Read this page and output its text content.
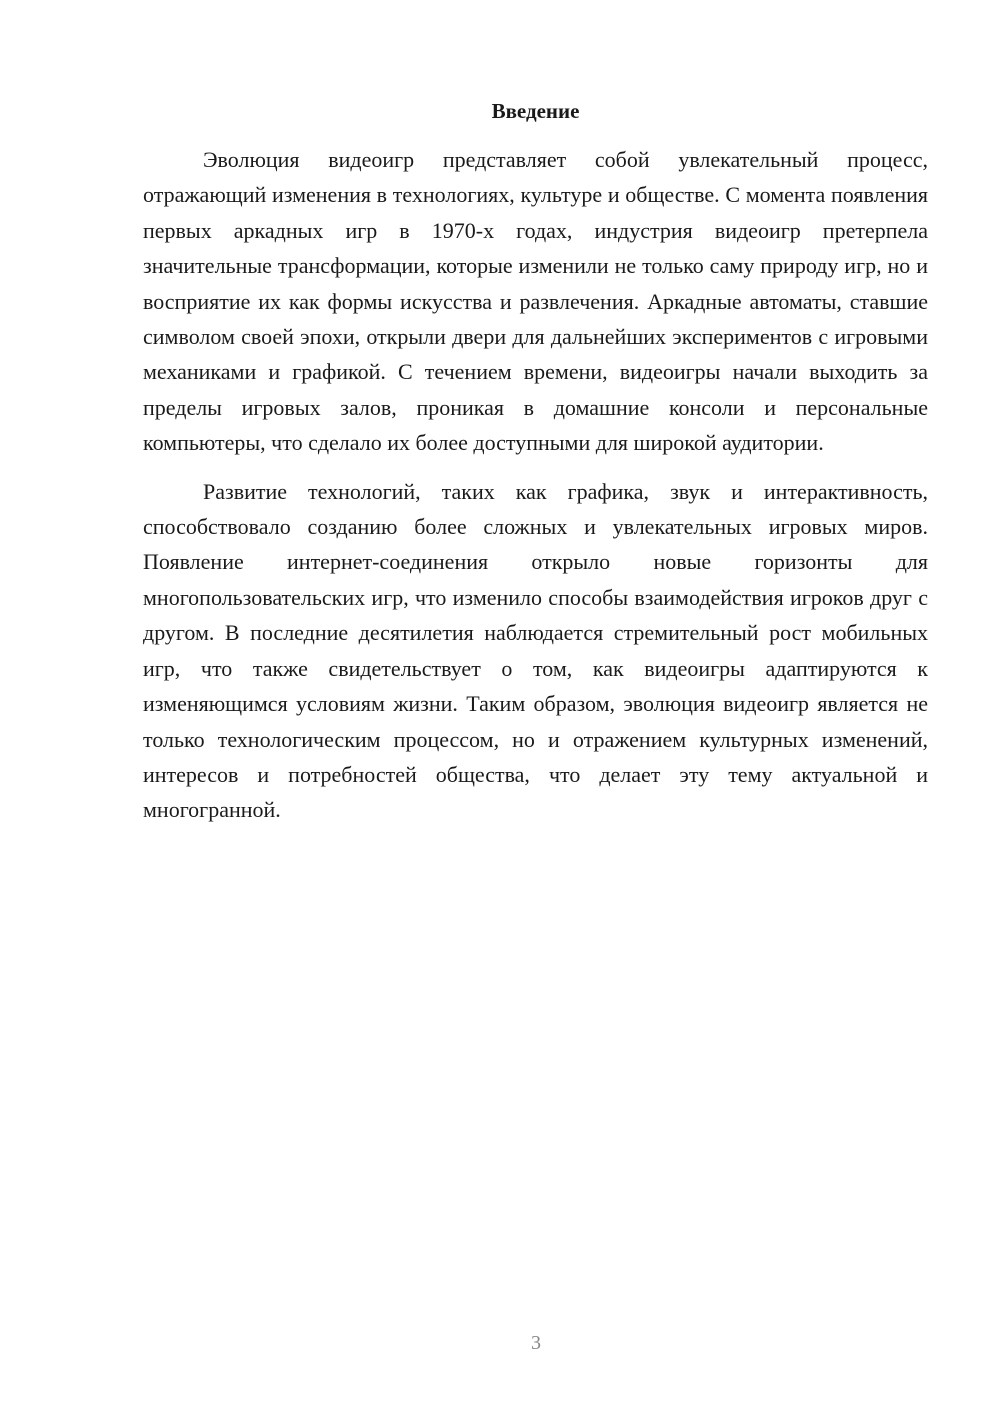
Введение

Эволюция видеоигр представляет собой увлекательный процесс, отражающий изменения в технологиях, культуре и обществе. С момента появления первых аркадных игр в 1970-х годах, индустрия видеоигр претерпела значительные трансформации, которые изменили не только саму природу игр, но и восприятие их как формы искусства и развлечения. Аркадные автоматы, ставшие символом своей эпохи, открыли двери для дальнейших экспериментов с игровыми механиками и графикой. С течением времени, видеоигры начали выходить за пределы игровых залов, проникая в домашние консоли и персональные компьютеры, что сделало их более доступными для широкой аудитории.

Развитие технологий, таких как графика, звук и интерактивность, способствовало созданию более сложных и увлекательных игровых миров. Появление интернет-соединения открыло новые горизонты для многопользовательских игр, что изменило способы взаимодействия игроков друг с другом. В последние десятилетия наблюдается стремительный рост мобильных игр, что также свидетельствует о том, как видеоигры адаптируются к изменяющимся условиям жизни. Таким образом, эволюция видеоигр является не только технологическим процессом, но и отражением культурных изменений, интересов и потребностей общества, что делает эту тему актуальной и многогранной.

3
